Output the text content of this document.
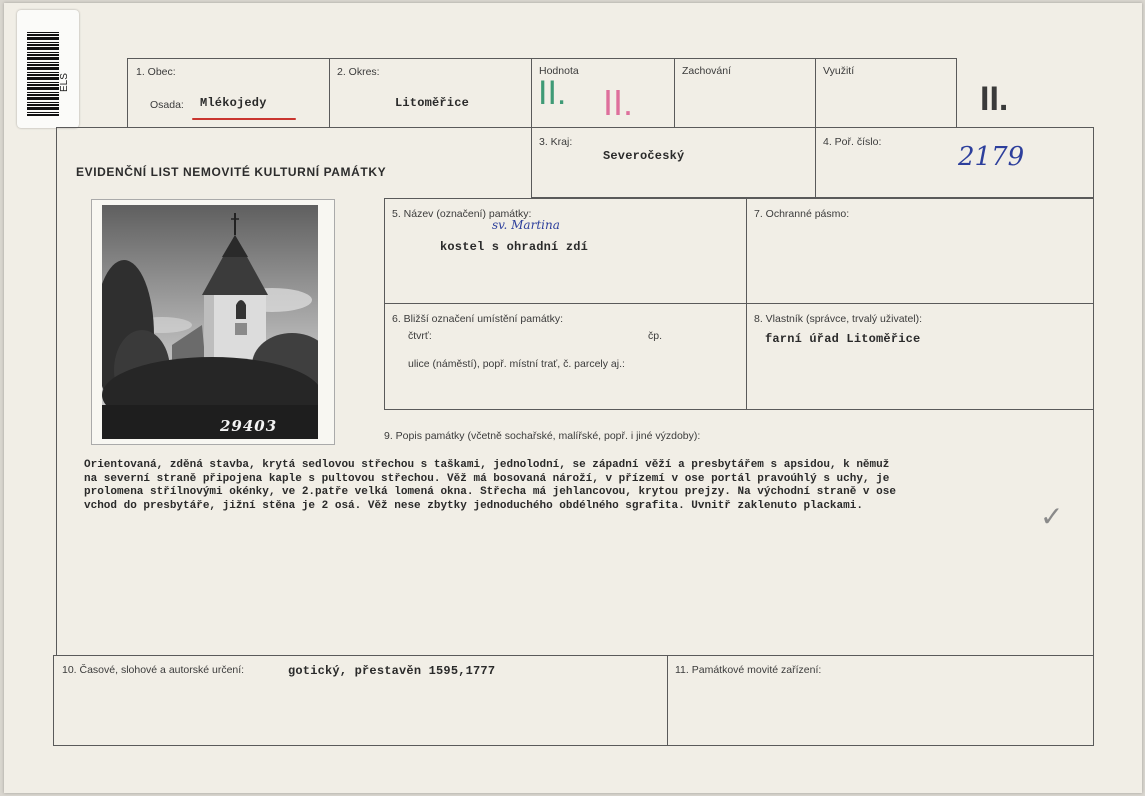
ELS
1. Obec:
Osada: Mlékojedy
2. Okres:
Litoměřice
Hodnota
II. II.
Zachování	Využití
II.
EVIDENČNÍ LIST NEMOVITÉ KULTURNÍ PAMÁTKY
3. Kraj:
Severočeský
4. Poř. číslo:	2179
29403
5. Název (označení) památky:
sv. Martina
kostel s ohradní zdí
7. Ochranné pásmo:
6. Bližší označení umístění památky:
čtvrť:	čp.
ulice (náměstí), popř. místní trať, č. parcely aj.:
8. Vlastník (správce, trvalý uživatel):
farní úřad Litoměřice
9. Popis památky (včetně sochařské, malířské, popř. i jiné výzdoby):
Orientovaná, zděná stavba, krytá sedlovou střechou s taškami, jednolodní, se západní věží a presbytářem s apsidou, k němuž
na severní straně připojena kaple s pultovou střechou. Věž má bosovaná nároží, v přízemí v ose portál pravoúhlý s uchy, je
prolomena střílnovými okénky, ve 2.patře velká lomená okna. Střecha má jehlancovou, krytou prejzy. Na východní straně v ose
vchod do presbytáře, jižní stěna je 2 osá. Věž nese zbytky jednoduchého obdélného sgrafita. Uvnitř zaklenuto plackami.	✓
10. Časové, slohové a autorské určení:	gotický, přestavěn 1595,1777	11. Památkové movité zařízení:
